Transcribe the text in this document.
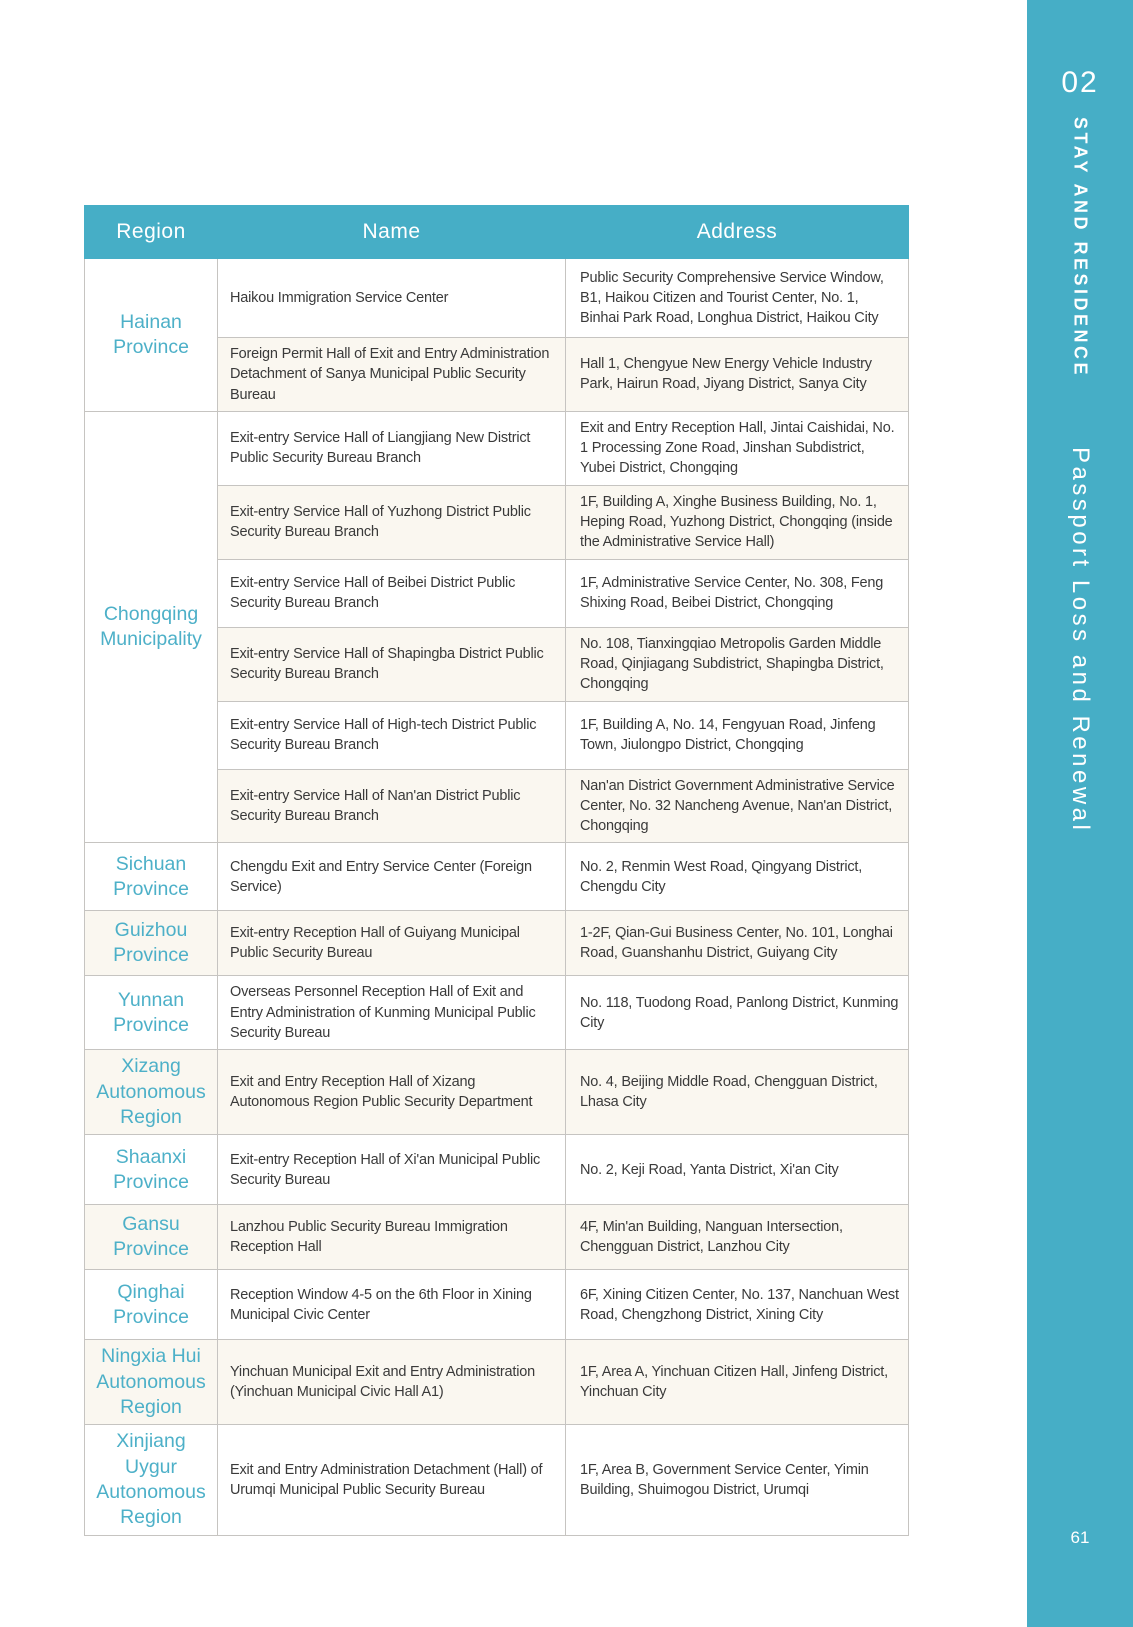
Region	Name	Address
Hainan Province	Haikou Immigration Service Center	Public Security Comprehensive Service Window, B1, Haikou Citizen and Tourist Center, No. 1, Binhai Park Road, Longhua District, Haikou City
	Foreign Permit Hall of Exit and Entry Administration Detachment of Sanya Municipal Public Security Bureau	Hall 1, Chengyue New Energy Vehicle Industry Park, Hairun Road, Jiyang District, Sanya City
Chongqing Municipality	Exit-entry Service Hall of Liangjiang New District Public Security Bureau Branch	Exit and Entry Reception Hall, Jintai Caishidai, No. 1 Processing Zone Road, Jinshan Subdistrict, Yubei District, Chongqing
	Exit-entry Service Hall of Yuzhong District Public Security Bureau Branch	1F, Building A, Xinghe Business Building, No. 1, Heping Road, Yuzhong District, Chongqing (inside the Administrative Service Hall)
	Exit-entry Service Hall of Beibei District Public Security Bureau Branch	1F, Administrative Service Center, No. 308, Feng Shixing Road, Beibei District, Chongqing
	Exit-entry Service Hall of Shapingba District Public Security Bureau Branch	No. 108, Tianxingqiao Metropolis Garden Middle Road, Qinjiagang Subdistrict, Shapingba District, Chongqing
	Exit-entry Service Hall of High-tech District Public Security Bureau Branch	1F, Building A, No. 14, Fengyuan Road, Jinfeng Town, Jiulongpo District, Chongqing
	Exit-entry Service Hall of Nan'an District Public Security Bureau Branch	Nan'an District Government Administrative Service Center, No. 32 Nancheng Avenue, Nan'an District, Chongqing
Sichuan Province	Chengdu Exit and Entry Service Center (Foreign Service)	No. 2, Renmin West Road, Qingyang District, Chengdu City
Guizhou Province	Exit-entry Reception Hall of Guiyang Municipal Public Security Bureau	1-2F, Qian-Gui Business Center, No. 101, Longhai Road, Guanshanhu District, Guiyang City
Yunnan Province	Overseas Personnel Reception Hall of Exit and Entry Administration of Kunming Municipal Public Security Bureau	No. 118, Tuodong Road, Panlong District, Kunming City
Xizang Autonomous Region	Exit and Entry Reception Hall of Xizang Autonomous Region Public Security Department	No. 4, Beijing Middle Road, Chengguan District, Lhasa City
Shaanxi Province	Exit-entry Reception Hall of Xi'an Municipal Public Security Bureau	No. 2, Keji Road, Yanta District, Xi'an City
Gansu Province	Lanzhou Public Security Bureau Immigration Reception Hall	4F, Min'an Building, Nanguan Intersection, Chengguan District, Lanzhou City
Qinghai Province	Reception Window 4-5 on the 6th Floor in Xining Municipal Civic Center	6F, Xining Citizen Center, No. 137, Nanchuan West Road, Chengzhong District, Xining City
Ningxia Hui Autonomous Region	Yinchuan Municipal Exit and Entry Administration (Yinchuan Municipal Civic Hall A1)	1F, Area A, Yinchuan Citizen Hall, Jinfeng District, Yinchuan City
Xinjiang Uygur Autonomous Region	Exit and Entry Administration Detachment (Hall) of Urumqi Municipal Public Security Bureau	1F, Area B, Government Service Center, Yimin Building, Shuimogou District, Urumqi
02
STAY AND RESIDENCE
Passport Loss and Renewal
61
